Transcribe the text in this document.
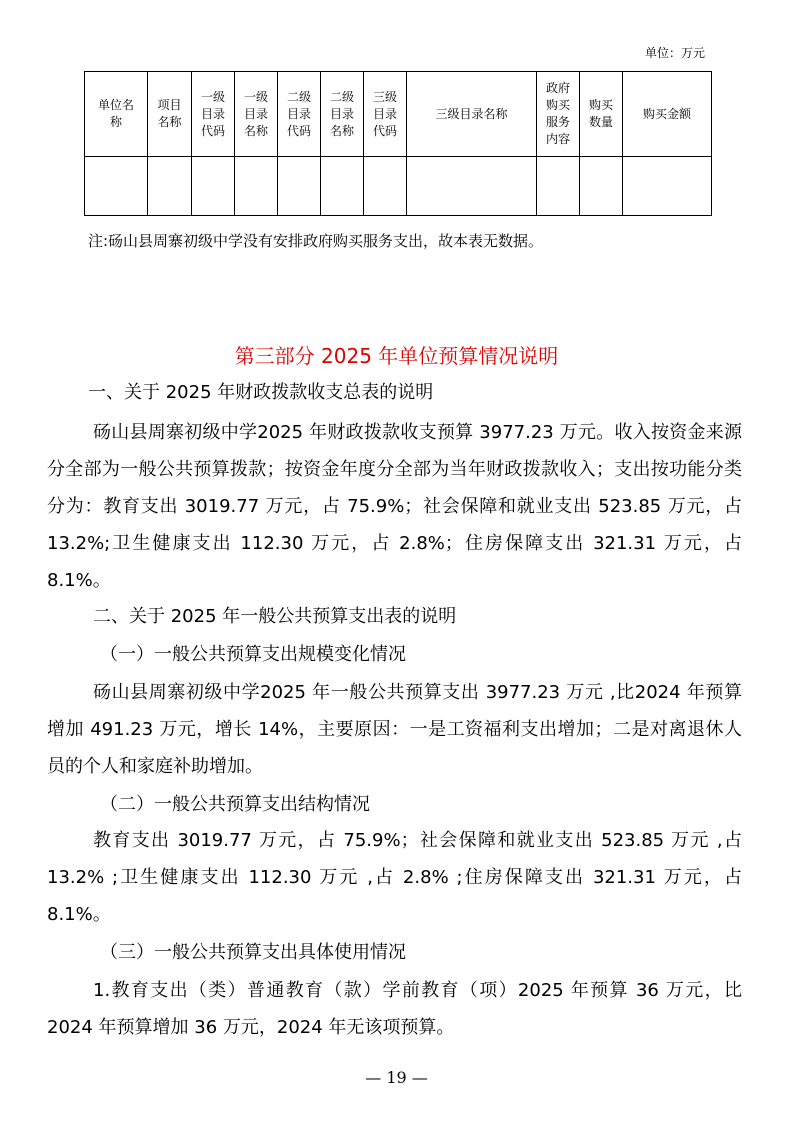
单位：万元
单位名
称	项目
名称	一级
目录
代码	一级
目录
名称	二级
目录
代码	二级
目录
名称	三级
目录
代码	三级目录名称	政府
购买
服务
内容	购买
数量	购买金额

注:砀山县周寨初级中学没有安排政府购买服务支出，故本表无数据。
第三部分 2025 年单位预算情况说明
一、关于 2025 年财政拨款收支总表的说明

砀山县周寨初级中学2025 年财政拨款收支预算 3977.23 万元。收入按资金来源分全部为一般公共预算拨款；按资金年度分全部为当年财政拨款收入；支出按功能分类分为：教育支出 3019.77 万元，占 75.9%；社会保障和就业支出 523.85 万元，占 13.2%;卫生健康支出 112.30 万元，占 2.8%；住房保障支出 321.31 万元，占 8.1%。

二、关于 2025 年一般公共预算支出表的说明
（一）一般公共预算支出规模变化情况

砀山县周寨初级中学2025 年一般公共预算支出 3977.23 万元 ,比2024 年预算增加 491.23 万元，增长 14%，主要原因：一是工资福利支出增加；二是对离退休人员的个人和家庭补助增加。

（二）一般公共预算支出结构情况

教育支出 3019.77 万元，占 75.9%；社会保障和就业支出 523.85 万元 ,占 13.2% ;卫生健康支出 112.30 万元 ,占 2.8% ;住房保障支出 321.31 万元，占 8.1%。

（三）一般公共预算支出具体使用情况

1.教育支出（类）普通教育（款）学前教育（项）2025 年预算 36 万元，比 2024 年预算增加 36 万元，2024 年无该项预算。

— 19 —
